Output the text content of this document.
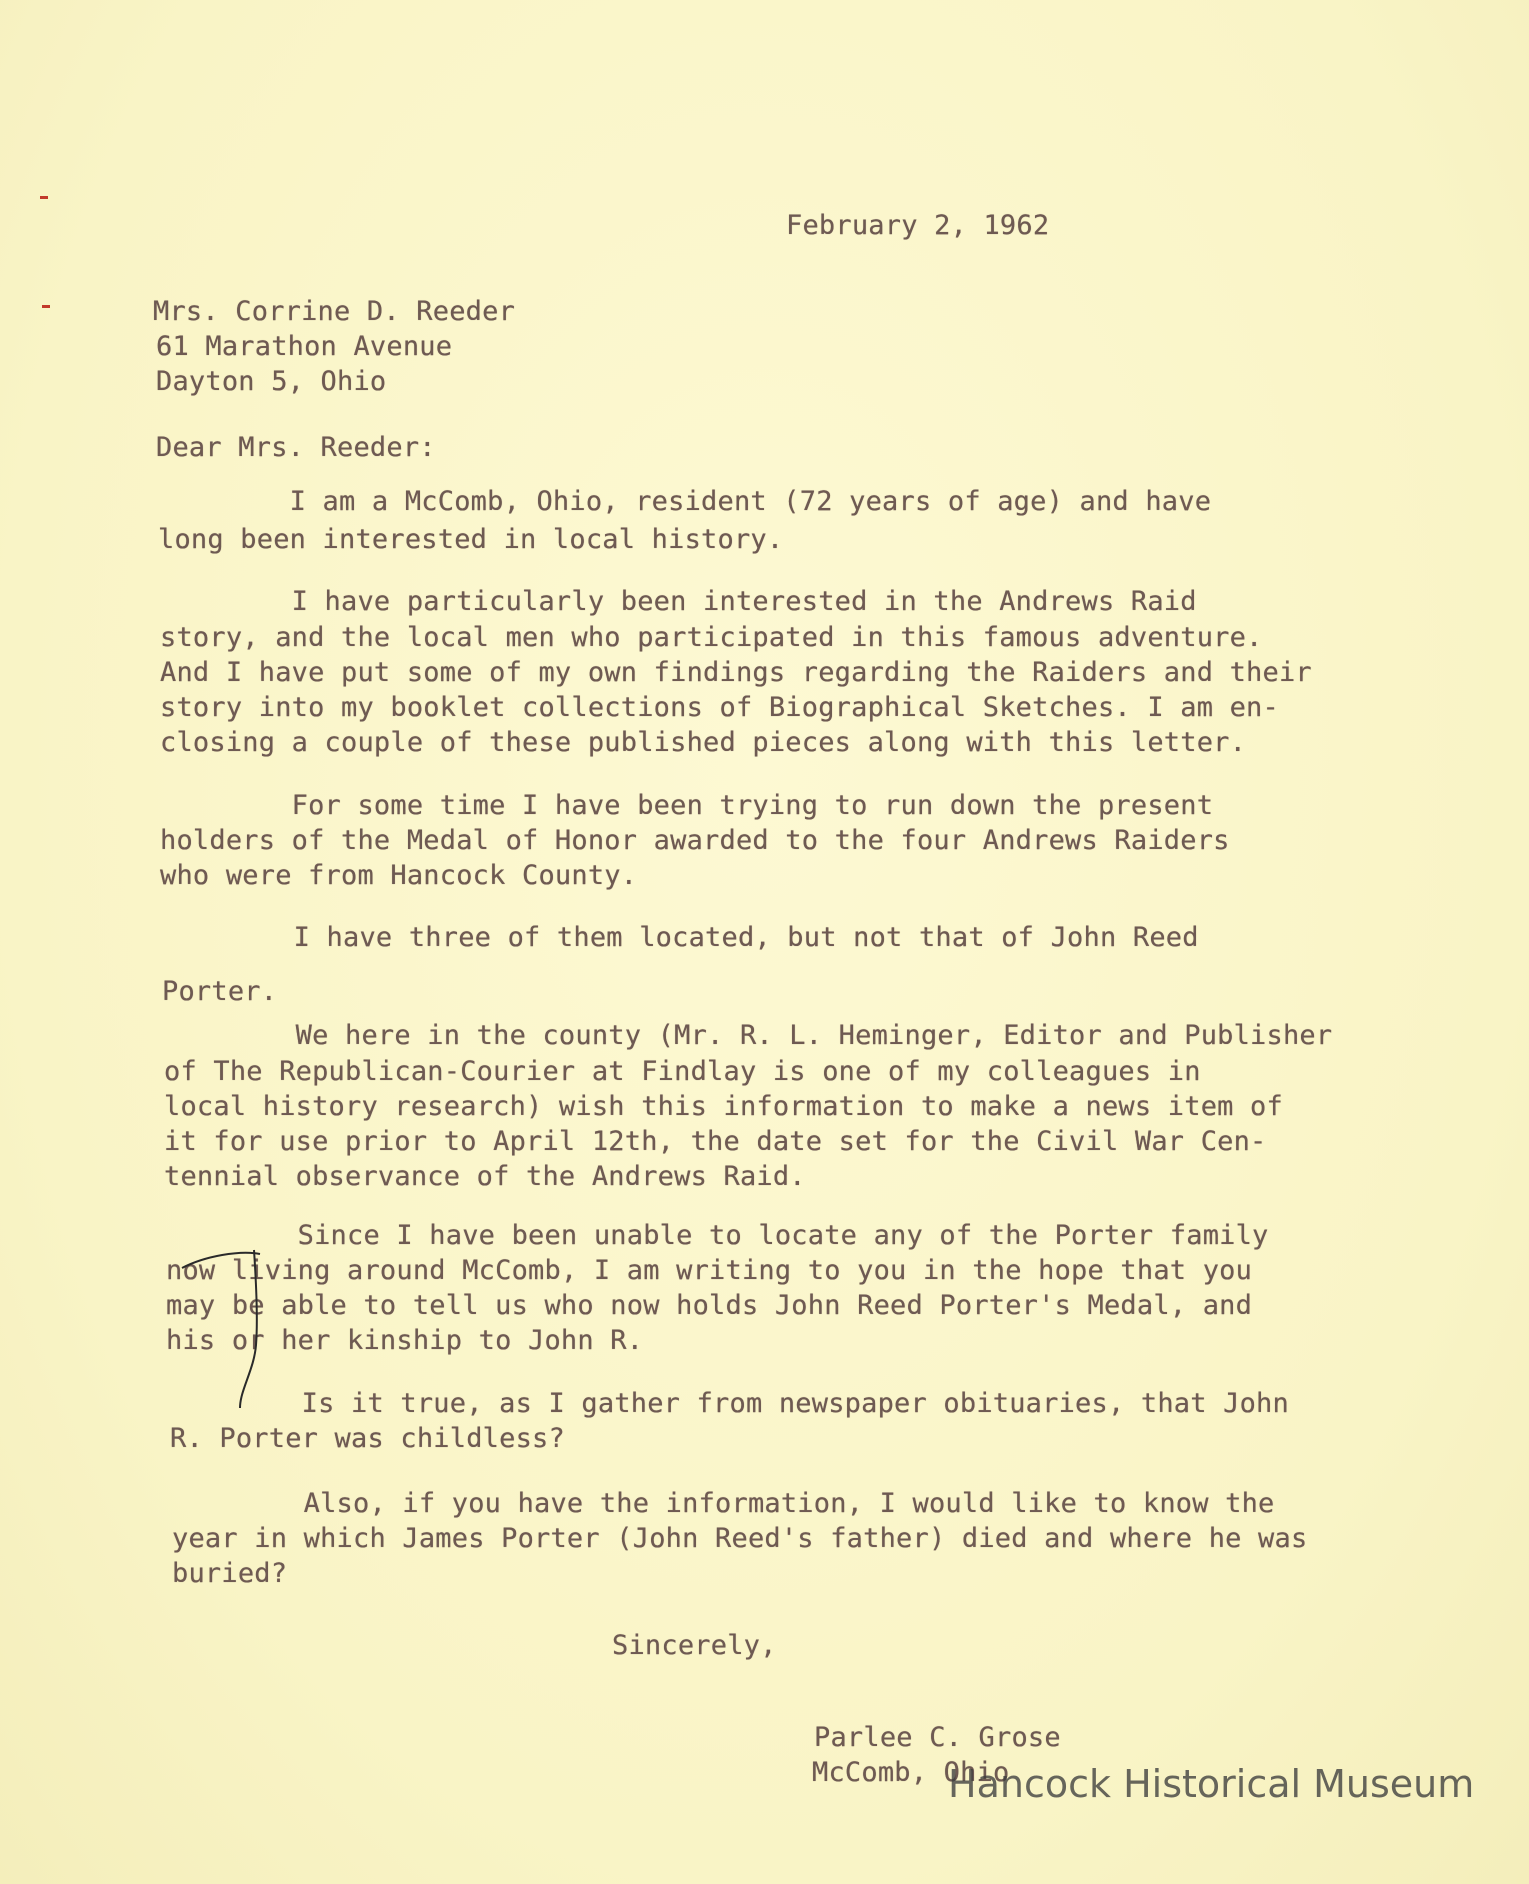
February 2, 1962
Mrs. Corrine D. Reeder
61 Marathon Avenue
Dayton 5, Ohio
Dear Mrs. Reeder:
I am a McComb, Ohio, resident (72 years of age) and have
long been interested in local history.
I have particularly been interested in the Andrews Raid
story, and the local men who participated in this famous adventure.
And I have put some of my own findings regarding the Raiders and their
story into my booklet collections of Biographical Sketches. I am en-
closing a couple of these published pieces along with this letter.
For some time I have been trying to run down the present
holders of the Medal of Honor awarded to the four Andrews Raiders
who were from Hancock County.
I have three of them located, but not that of John Reed
Porter.
We here in the county (Mr. R. L. Heminger, Editor and Publisher
of The Republican-Courier at Findlay is one of my colleagues in
local history research) wish this information to make a news item of
it for use prior to April 12th, the date set for the Civil War Cen-
tennial observance of the Andrews Raid.
Since I have been unable to locate any of the Porter family
now living around McComb, I am writing to you in the hope that you
may be able to tell us who now holds John Reed Porter's Medal, and
his or her kinship to John R.
Is it true, as I gather from newspaper obituaries, that John
R. Porter was childless?
Also, if you have the information, I would like to know the
year in which James Porter (John Reed's father) died and where he was
buried?
Sincerely,
Parlee C. Grose
McComb, Ohio
Hancock Historical Museum
